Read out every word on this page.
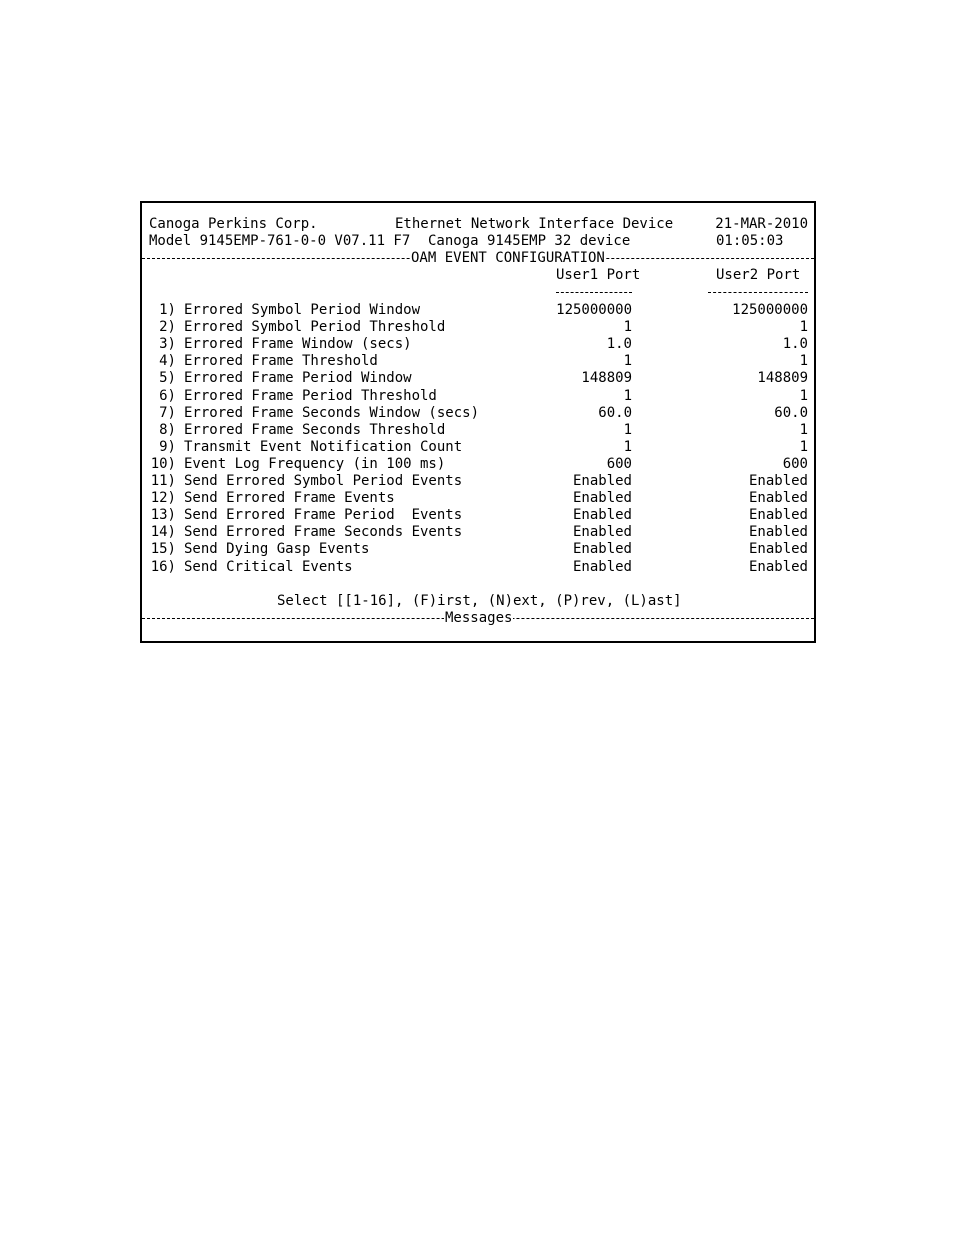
Canoga Perkins Corp.	Ethernet Network Interface Device	21-MAR-2010
Model 9145EMP-761-0-0 V07.11 F7 Canoga 9145EMP 32 device	01:05:03

OAM EVENT CONFIGURATION

User1 Port	User2 Port
1) Errored Symbol Period Window	125000000	125000000
2) Errored Symbol Period Threshold	1	1
3) Errored Frame Window (secs)	1.0	1.0
4) Errored Frame Threshold	1	1
5) Errored Frame Period Window	148809	148809
6) Errored Frame Period Threshold	1	1
7) Errored Frame Seconds Window (secs)	60.0	60.0
8) Errored Frame Seconds Threshold	1	1
9) Transmit Event Notification Count	1	1
10) Event Log Frequency (in 100 ms)	600	600
11) Send Errored Symbol Period Events	Enabled	Enabled
12) Send Errored Frame Events	Enabled	Enabled
13) Send Errored Frame Period  Events	Enabled	Enabled
14) Send Errored Frame Seconds Events	Enabled	Enabled
15) Send Dying Gasp Events	Enabled	Enabled
16) Send Critical Events	Enabled	Enabled
Select [[1-16], (F)irst, (N)ext, (P)rev, (L)ast]

Messages
